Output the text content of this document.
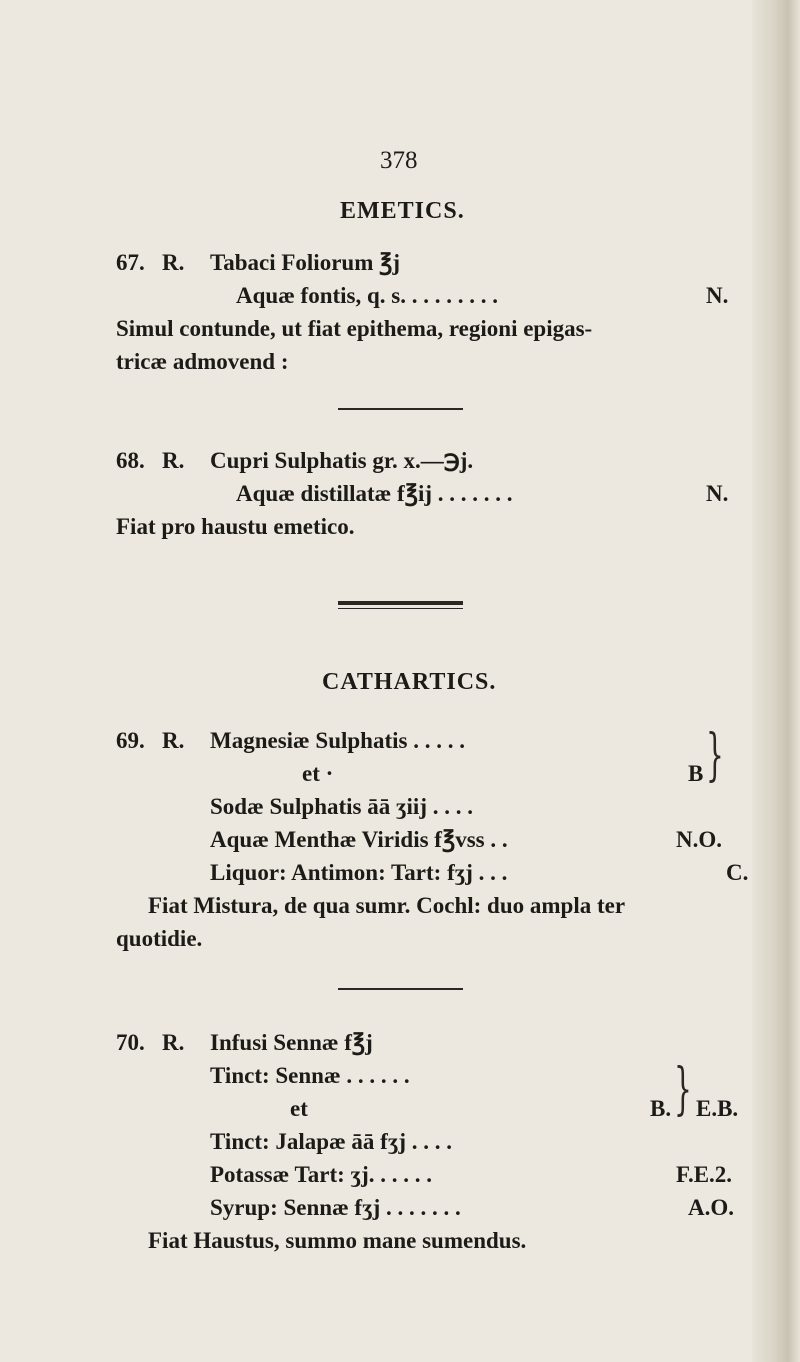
378
EMETICS.
67. R. Tabaci Foliorum ℥j
Aquæ fontis, q. s. . . . . . . . .	N.
Simul contunde, ut fiat epithema, regioni epigas-
tricæ admovend :
68. R. Cupri Sulphatis gr. x.—℈j.
Aquæ distillatæ f℥ij . . . . . . .	N.
Fiat pro haustu emetico.
CATHARTICS.
69. R. Magnesiæ Sulphatis . . . . .
et ·
Sodæ Sulphatis āā ʒiij . . . .
Aquæ Menthæ Viridis f℥vss . .
Liquor: Antimon: Tart: fʒj . . .
B }
N.O.
C.
Fiat Mistura, de qua sumr. Cochl: duo ampla ter
quotidie.
70. R. Infusi Sennæ f℥j
Tinct: Sennæ . . . . . .
et
Tinct: Jalapæ āā fʒj . . . .
Potassæ Tart: ʒj. . . . . .
Syrup: Sennæ fʒj . . . . . . .
B. } E.B.
F.E.2.
A.O.
Fiat Haustus, summo mane sumendus.
